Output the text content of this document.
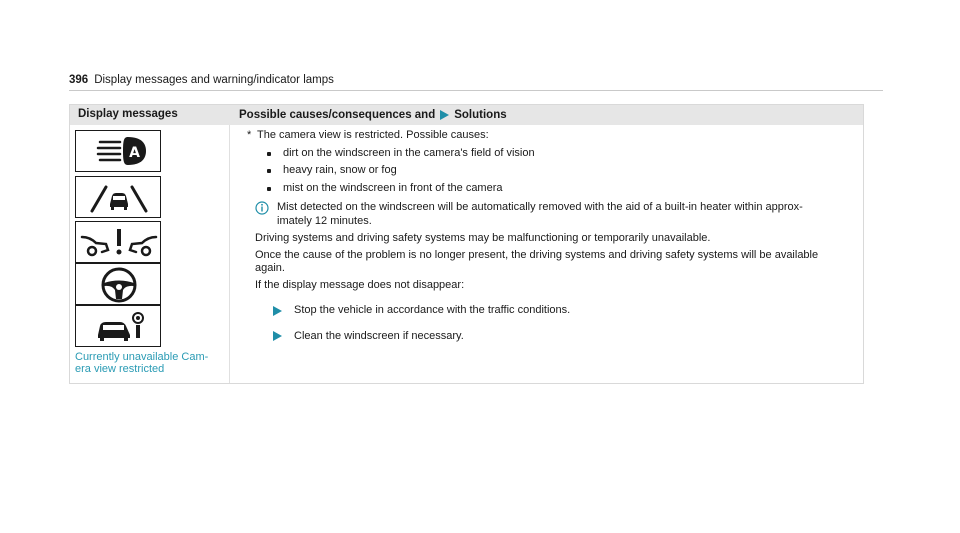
396 Display messages and warning/indicator lamps
Display messages	Possible causes/consequences and Solutions
A
Currently unavailable Cam-
era view restricted
* The camera view is restricted. Possible causes:
dirt on the windscreen in the camera's field of vision
heavy rain, snow or fog
mist on the windscreen in front of the camera
Mist detected on the windscreen will be automatically removed with the aid of a built-in heater within approx-
imately 12 minutes.
Driving systems and driving safety systems may be malfunctioning or temporarily unavailable.
Once the cause of the problem is no longer present, the driving systems and driving safety systems will be available
again.
If the display message does not disappear:
Stop the vehicle in accordance with the traffic conditions.
Clean the windscreen if necessary.
